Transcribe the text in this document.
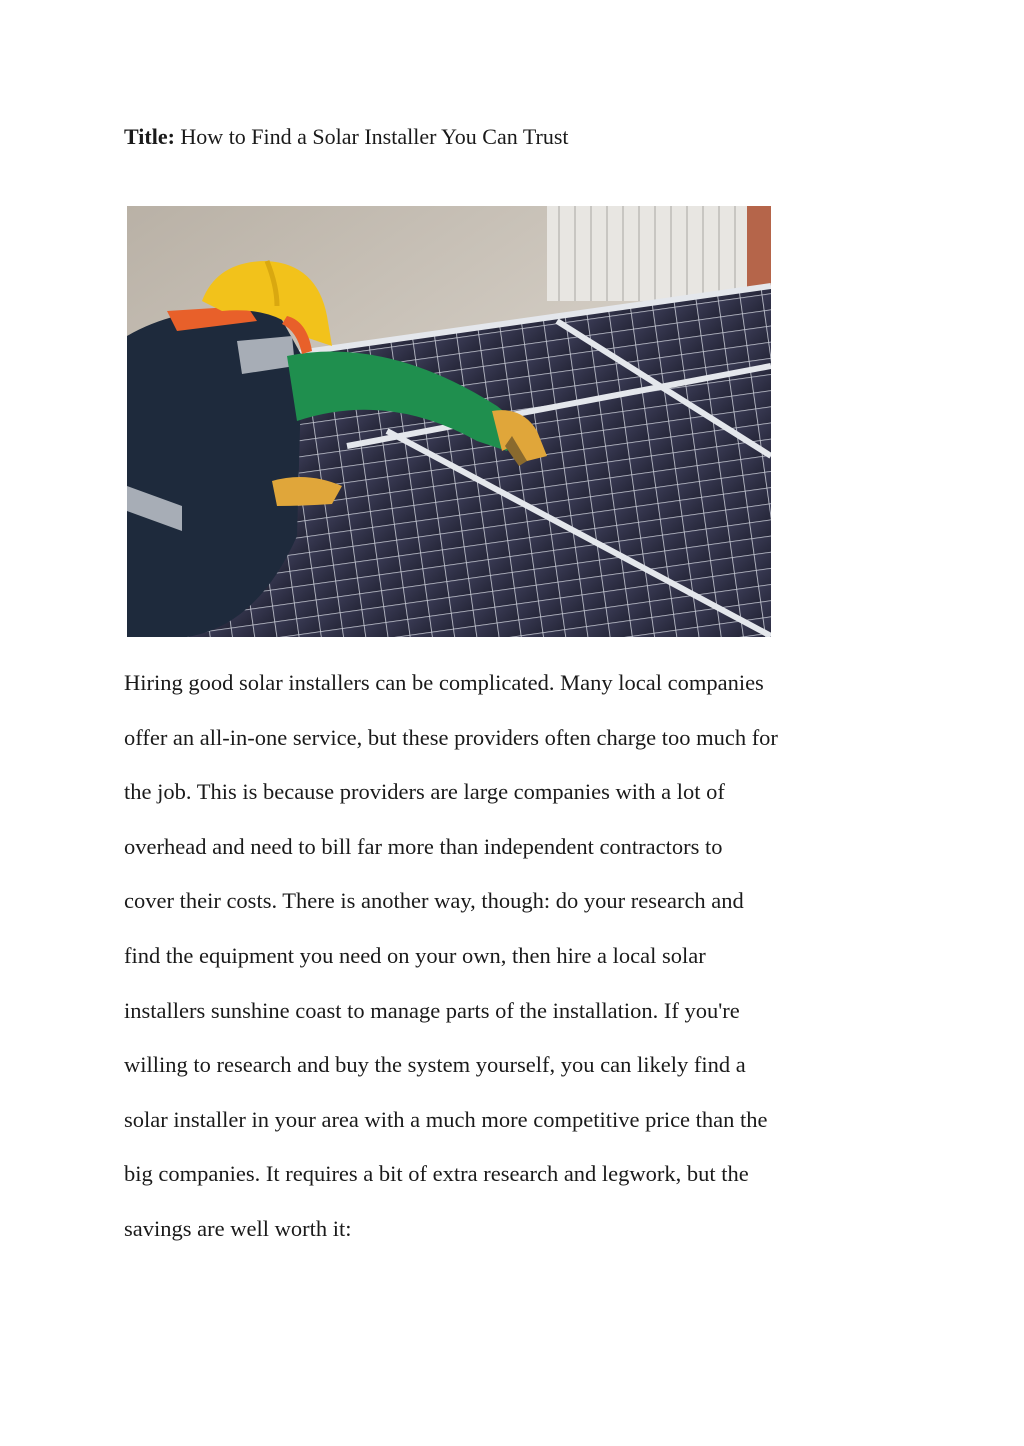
Title: How to Find a Solar Installer You Can Trust
Hiring good solar installers can be complicated. Many local companies
offer an all-in-one service, but these providers often charge too much for
the job. This is because providers are large companies with a lot of
overhead and need to bill far more than independent contractors to
cover their costs. There is another way, though: do your research and
find the equipment you need on your own, then hire a local solar
installers sunshine coast to manage parts of the installation. If you're
willing to research and buy the system yourself, you can likely find a
solar installer in your area with a much more competitive price than the
big companies. It requires a bit of extra research and legwork, but the
savings are well worth it:
